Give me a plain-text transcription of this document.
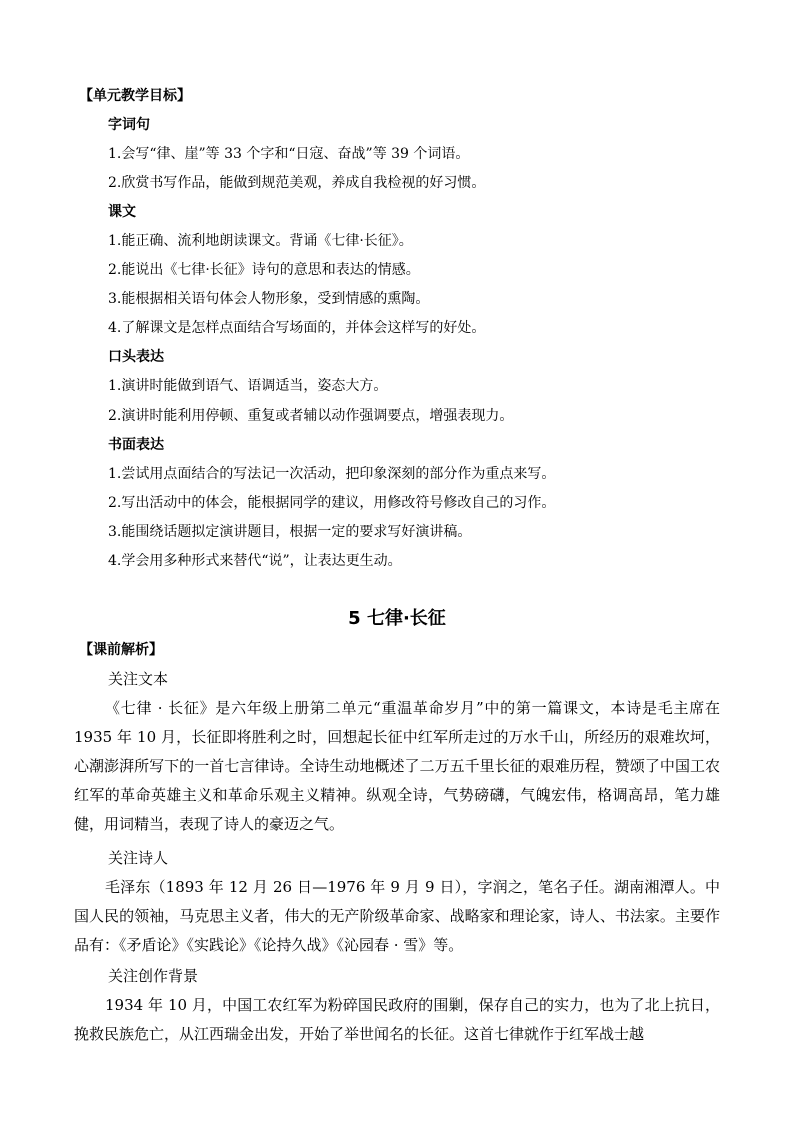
【单元教学目标】
字词句
1.会写“律、崖”等 33 个字和“日寇、奋战”等 39 个词语。
2.欣赏书写作品，能做到规范美观，养成自我检视的好习惯。
课文
1.能正确、流利地朗读课文。背诵《七律·长征》。
2.能说出《七律·长征》诗句的意思和表达的情感。
3.能根据相关语句体会人物形象，受到情感的熏陶。
4.了解课文是怎样点面结合写场面的，并体会这样写的好处。
口头表达
1.演讲时能做到语气、语调适当，姿态大方。
2.演讲时能利用停顿、重复或者辅以动作强调要点，增强表现力。
书面表达
1.尝试用点面结合的写法记一次活动，把印象深刻的部分作为重点来写。
2.写出活动中的体会，能根据同学的建议，用修改符号修改自己的习作。
3.能围绕话题拟定演讲题目，根据一定的要求写好演讲稿。
4.学会用多种形式来替代“说”，让表达更生动。
5 七律·长征
【课前解析】
关注文本
《七律 · 长征》是六年级上册第二单元“重温革命岁月”中的第一篇课文，本诗是毛主席在 1935 年 10 月，长征即将胜利之时，回想起长征中红军所走过的万水千山，所经历的艰难坎坷，心潮澎湃所写下的一首七言律诗。全诗生动地概述了二万五千里长征的艰难历程，赞颂了中国工农红军的革命英雄主义和革命乐观主义精神。纵观全诗，气势磅礴，气魄宏伟，格调高昂，笔力雄健，用词精当，表现了诗人的豪迈之气。
关注诗人
毛泽东（1893 年 12 月 26 日—1976 年 9 月 9 日），字润之，笔名子任。湖南湘潭人。中国人民的领袖，马克思主义者，伟大的无产阶级革命家、战略家和理论家，诗人、书法家。主要作品有：《矛盾论》《实践论》《论持久战》《沁园春 · 雪》等。
关注创作背景
1934 年 10 月，中国工农红军为粉碎国民政府的围剿，保存自己的实力，也为了北上抗日，挽救民族危亡，从江西瑞金出发，开始了举世闻名的长征。这首七律就作于红军战士越
